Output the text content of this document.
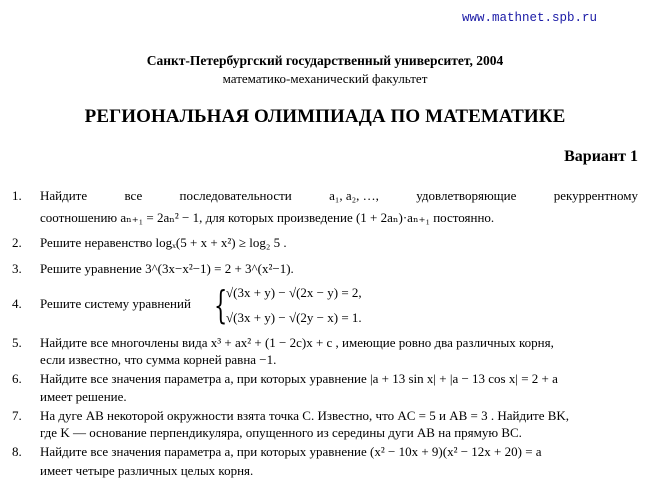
www.mathnet.spb.ru
Санкт-Петербургский государственный университет, 2004
математико-механический факультет
РЕГИОНАЛЬНАЯ ОЛИМПИАДА ПО МАТЕМАТИКЕ
Вариант 1
1. Найдите	все	последовательности	a₁, a₂, …,	удовлетворяющие	рекуррентному
соотношению aₙ₊₁ = 2aₙ² − 1, для которых произведение (1 + 2aₙ)·aₙ₊₁ постоянно.
2. Решите неравенство logₓ(5 + x + x²) ≥ log₂ 5 .
3. Решите уравнение 3^(3x−x²−1) = 2 + 3^(x²−1).
4. Решите систему уравнений {
√(3x + y) − √(2x − y) = 2,
√(3x + y) − √(2y − x) = 1.
5. Найдите все многочлены вида x³ + ax² + (1 − 2c)x + c , имеющие ровно два различных корня,
если известно, что сумма корней равна −1.
6. Найдите все значения параметра a, при которых уравнение |a + 13 sin x| + |a − 13 cos x| = 2 + a
имеет решение.
7. На дуге AB некоторой окружности взята точка C. Известно, что AC = 5 и AB = 3 . Найдите BK,
где K — основание перпендикуляра, опущенного из середины дуги AB на прямую BC.
8. Найдите все значения параметра a, при которых уравнение (x² − 10x + 9)(x² − 12x + 20) = a
имеет четыре различных целых корня.
